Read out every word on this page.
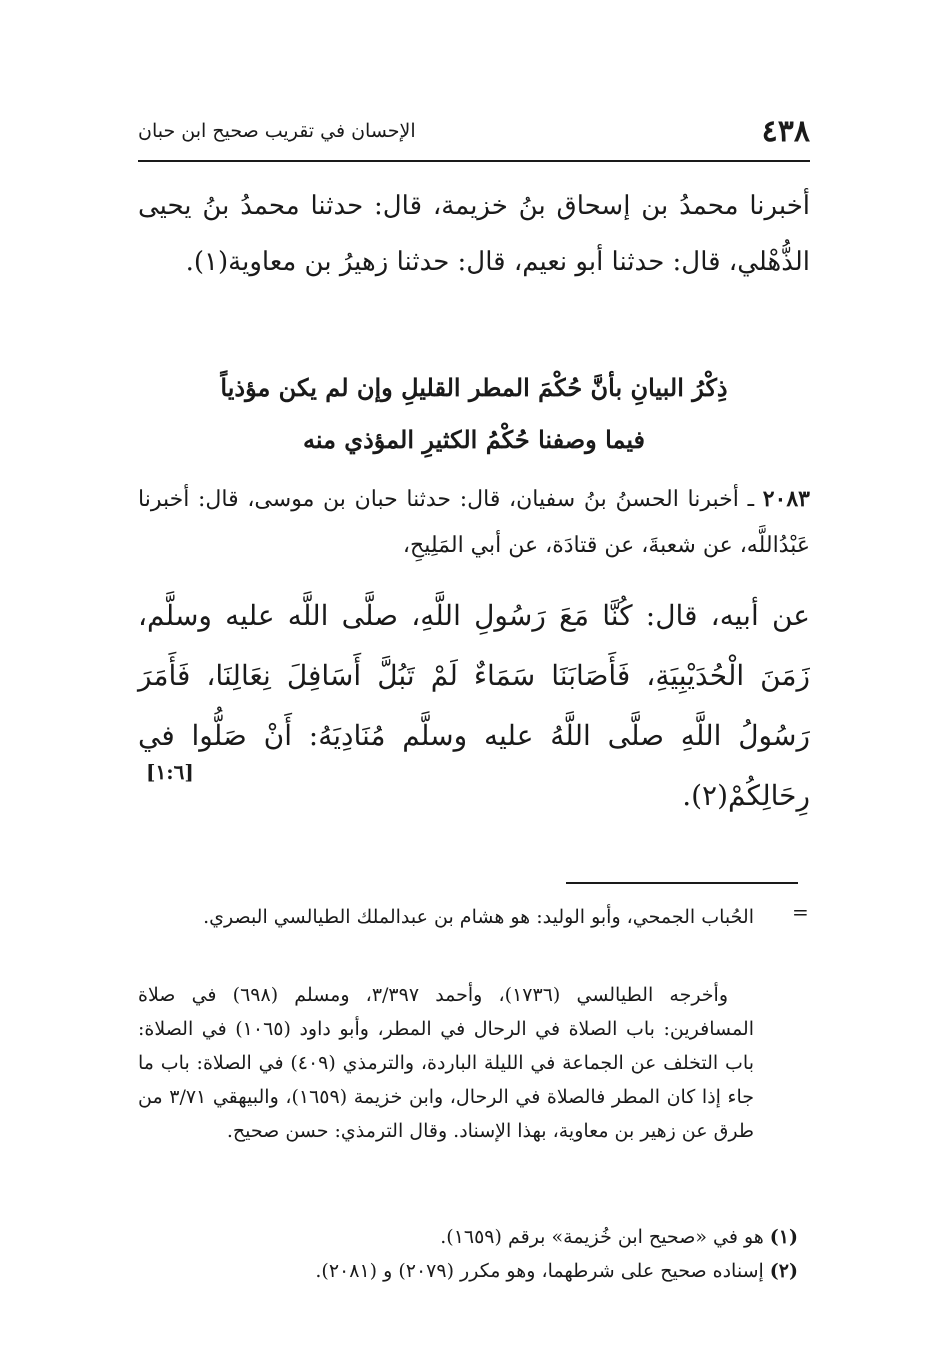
٤٣٨
الإحسان في تقريب صحيح ابن حبان
أخبرنا محمدُ بن إسحاق بنُ خزيمة، قال: حدثنا محمدُ بنُ يحيى الذُّهْلي، قال: حدثنا أبو نعيم، قال: حدثنا زهيرُ بن معاوية(١).
ذِكْرُ البيانِ بأنَّ حُكْمَ المطر القليلِ وإن لم يكن مؤذياً
فيما وصفنا حُكْمُ الكثيرِ المؤذي منه
٢٠٨٣ ـ أخبرنا الحسنُ بنُ سفيان، قال: حدثنا حبان بن موسى، قال: أخبرنا عَبْدُاللَّه، عن شعبةَ، عن قتادَة، عن أبي المَلِيحِ،
عن أبيه، قال: كُنَّا مَعَ رَسُولِ اللَّهِ، صلَّى اللَّه عليه وسلَّم، زَمَنَ الْحُدَيْبِيَةِ، فَأَصَابَنَا سَمَاءٌ لَمْ تَبُلَّ أَسَافِلَ نِعَالِنَا، فَأَمَرَ رَسُولُ اللَّهِ صلَّى اللَّهُ عليه وسلَّم مُنَادِيَهُ: أَنْ صَلُّوا في رِحَالِكُمْ(٢).
[١:٦]
=
الحُباب الجمحي، وأبو الوليد: هو هشام بن عبدالملك الطيالسي البصري.
وأخرجه الطيالسي (١٧٣٦)، وأحمد ٣/٣٩٧، ومسلم (٦٩٨) في صلاة المسافرين: باب الصلاة في الرحال في المطر، وأبو داود (١٠٦٥) في الصلاة: باب التخلف عن الجماعة في الليلة الباردة، والترمذي (٤٠٩) في الصلاة: باب ما جاء إذا كان المطر فالصلاة في الرحال، وابن خزيمة (١٦٥٩)، والبيهقي ٣/٧١ من طرق عن زهير بن معاوية، بهذا الإسناد. وقال الترمذي: حسن صحيح.
(١)هو في «صحيح ابن خُزيمة» برقم (١٦٥٩).
(٢)إسناده صحيح على شرطهما، وهو مكرر (٢٠٧٩) و (٢٠٨١).
